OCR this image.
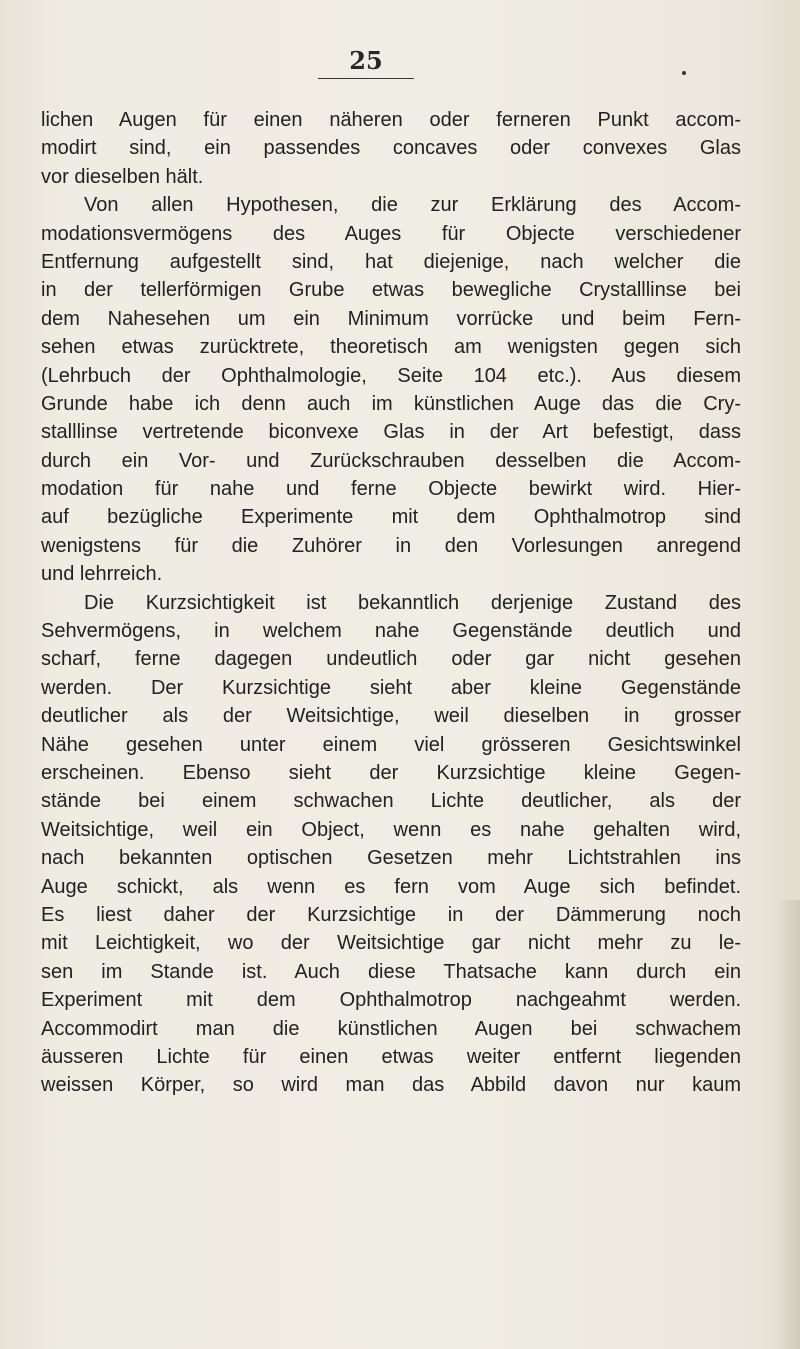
25
lichen Augen für einen näheren oder ferneren Punkt accom-
modirt sind, ein passendes concaves oder convexes Glas
vor dieselben hält.
Von allen Hypothesen, die zur Erklärung des Accom-
modationsvermögens des Auges für Objecte verschiedener
Entfernung aufgestellt sind, hat diejenige, nach welcher die
in der tellerförmigen Grube etwas bewegliche Crystalllinse bei
dem Nahesehen um ein Minimum vorrücke und beim Fern-
sehen etwas zurücktrete, theoretisch am wenigsten gegen sich
(Lehrbuch der Ophthalmologie, Seite 104 etc.). Aus diesem
Grunde habe ich denn auch im künstlichen Auge das die Cry-
stalllinse vertretende biconvexe Glas in der Art befestigt, dass
durch ein Vor- und Zurückschrauben desselben die Accom-
modation für nahe und ferne Objecte bewirkt wird. Hier-
auf bezügliche Experimente mit dem Ophthalmotrop sind
wenigstens für die Zuhörer in den Vorlesungen anregend
und lehrreich.
Die Kurzsichtigkeit ist bekanntlich derjenige Zustand des
Sehvermögens, in welchem nahe Gegenstände deutlich und
scharf, ferne dagegen undeutlich oder gar nicht gesehen
werden. Der Kurzsichtige sieht aber kleine Gegenstände
deutlicher als der Weitsichtige, weil dieselben in grosser
Nähe gesehen unter einem viel grösseren Gesichtswinkel
erscheinen. Ebenso sieht der Kurzsichtige kleine Gegen-
stände bei einem schwachen Lichte deutlicher, als der
Weitsichtige, weil ein Object, wenn es nahe gehalten wird,
nach bekannten optischen Gesetzen mehr Lichtstrahlen ins
Auge schickt, als wenn es fern vom Auge sich befindet.
Es liest daher der Kurzsichtige in der Dämmerung noch
mit Leichtigkeit, wo der Weitsichtige gar nicht mehr zu le-
sen im Stande ist. Auch diese Thatsache kann durch ein
Experiment mit dem Ophthalmotrop nachgeahmt werden.
Accommodirt man die künstlichen Augen bei schwachem
äusseren Lichte für einen etwas weiter entfernt liegenden
weissen Körper, so wird man das Abbild davon nur kaum
